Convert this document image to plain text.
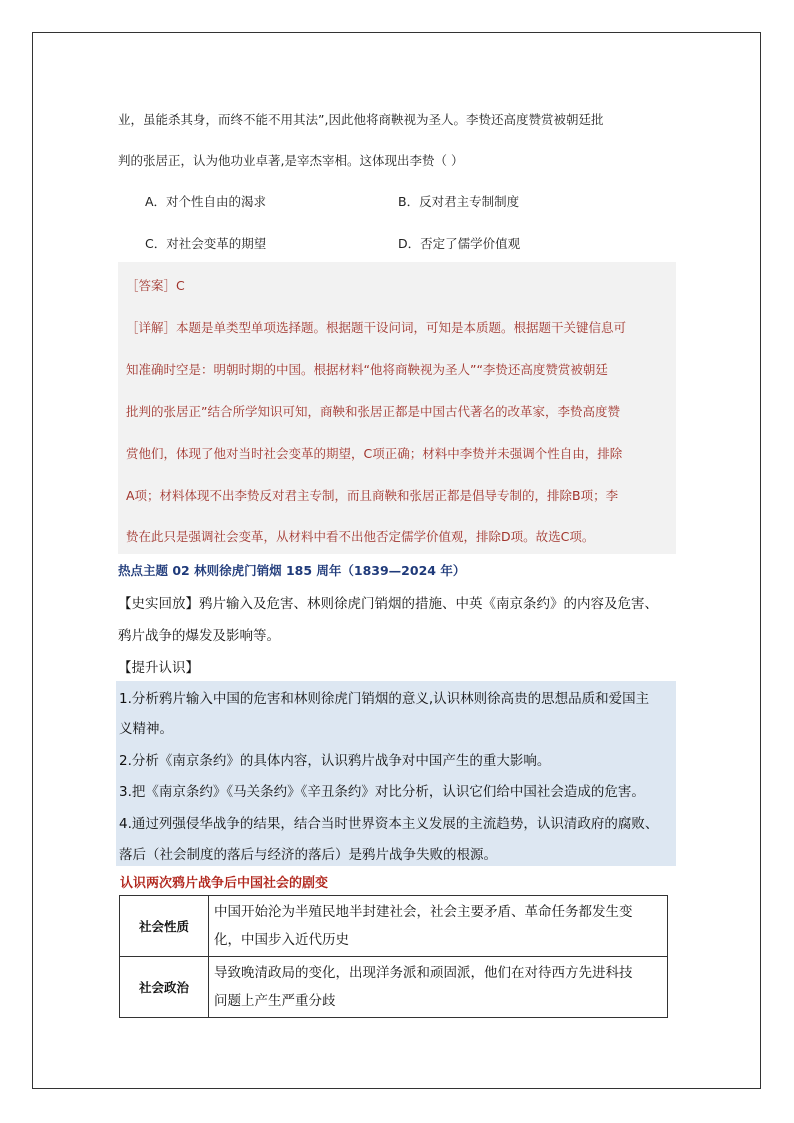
业，虽能杀其身，而终不能不用其法”,因此他将商鞅视为圣人。李贽还高度赞赏被朝廷批
判的张居正，认为他功业卓著,是宰杰宰相。这体现出李贽（ ）
A．对个性自由的渴求	B．反对君主专制制度
C．对社会变革的期望	D．否定了儒学价值观
［答案］C
［详解］本题是单类型单项选择题。根据题干设问词，可知是本质题。根据题干关键信息可
知准确时空是：明朝时期的中国。根据材料“他将商鞅视为圣人”“李贽还高度赞赏被朝廷
批判的张居正”结合所学知识可知，商鞅和张居正都是中国古代著名的改革家，李贽高度赞
赏他们，体现了他对当时社会变革的期望，C项正确；材料中李贽并未强调个性自由，排除
A项；材料体现不出李贽反对君主专制，而且商鞅和张居正都是倡导专制的，排除B项；李
贽在此只是强调社会变革，从材料中看不出他否定儒学价值观，排除D项。故选C项。
热点主题 02 林则徐虎门销烟 185 周年（1839—2024 年）
【史实回放】鸦片输入及危害、林则徐虎门销烟的措施、中英《南京条约》的内容及危害、
鸦片战争的爆发及影响等。
【提升认识】
1.分析鸦片输入中国的危害和林则徐虎门销烟的意义,认识林则徐高贵的思想品质和爱国主
义精神。
2.分析《南京条约》的具体内容，认识鸦片战争对中国产生的重大影响。
3.把《南京条约》《马关条约》《辛丑条约》对比分析，认识它们给中国社会造成的危害。
4.通过列强侵华战争的结果，结合当时世界资本主义发展的主流趋势，认识清政府的腐败、
落后（社会制度的落后与经济的落后）是鸦片战争失败的根源。
认识两次鸦片战争后中国社会的剧变
社会性质	中国开始沦为半殖民地半封建社会，社会主要矛盾、革命任务都发生变
化，中国步入近代历史
社会政治	导致晚清政局的变化，出现洋务派和顽固派，他们在对待西方先进科技
问题上产生严重分歧
